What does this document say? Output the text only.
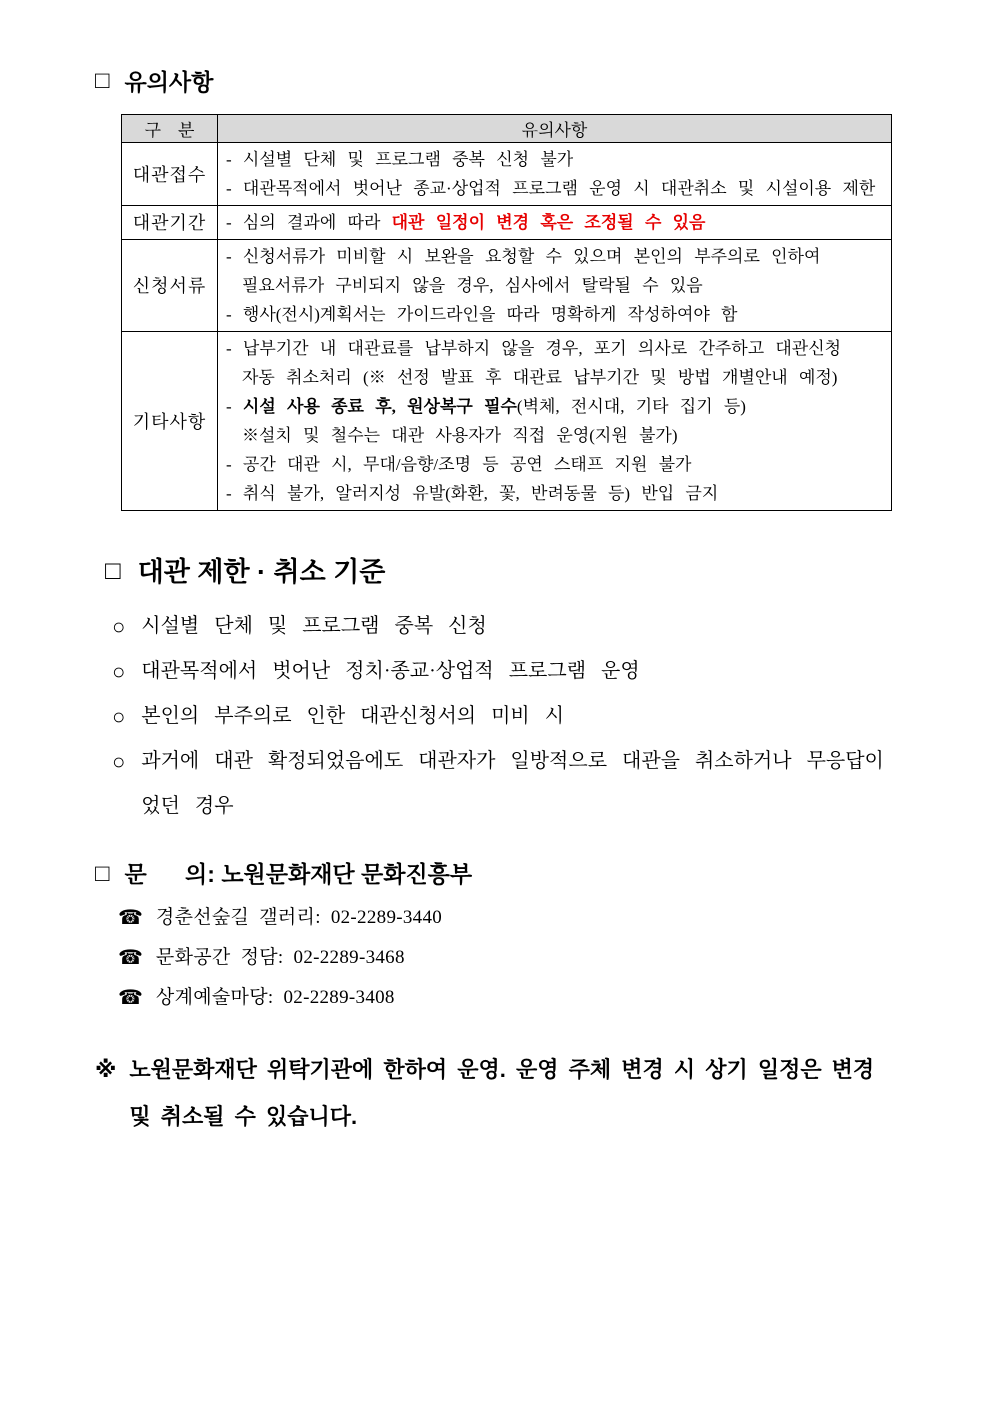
□ 유의사항
구    분	유의사항
대관접수	- 시설별 단체 및 프로그램 중복 신청 불가
- 대관목적에서 벗어난 종교·상업적 프로그램 운영 시 대관취소 및 시설이용 제한

대관기간	- 심의 결과에 따라 대관 일정이 변경 혹은 조정될 수 있음

신청서류	- 신청서류가 미비할 시 보완을 요청할 수 있으며 본인의 부주의로 인하여
필요서류가 구비되지 않을 경우, 심사에서 탈락될 수 있음
- 행사(전시)계획서는 가이드라인을 따라 명확하게 작성하여야 함

기타사항	
- 납부기간 내 대관료를 납부하지 않을 경우, 포기 의사로 간주하고 대관신청
자동 취소처리 (※ 선정 발표 후 대관료 납부기간 및 방법 개별안내 예정)
- 시설 사용 종료 후, 원상복구 필수(벽체, 전시대, 기타 집기 등)
※설치 및 철수는 대관 사용자가 직접 운영(지원 불가)
- 공간 대관 시, 무대/음향/조명 등 공연 스태프 지원 불가
- 취식 불가, 알러지성 유발(화환, 꽃, 반려동물 등) 반입 금지
□ 대관 제한 · 취소 기준
○ 시설별 단체 및 프로그램 중복 신청
○ 대관목적에서 벗어난 정치·종교·상업적 프로그램 운영
○ 본인의 부주의로 인한 대관신청서의 미비 시
○ 과거에 대관 확정되었음에도 대관자가 일방적으로 대관을 취소하거나 무응답이었던 경우
□ 문      의: 노원문화재단 문화진흥부
☎ 경춘선숲길 갤러리: 02-2289-3440
☎ 문화공간 정담: 02-2289-3468
☎ 상계예술마당: 02-2289-3408
※ 노원문화재단 위탁기관에 한하여 운영. 운영 주체 변경 시 상기 일정은 변경 및 취소될 수 있습니다.
